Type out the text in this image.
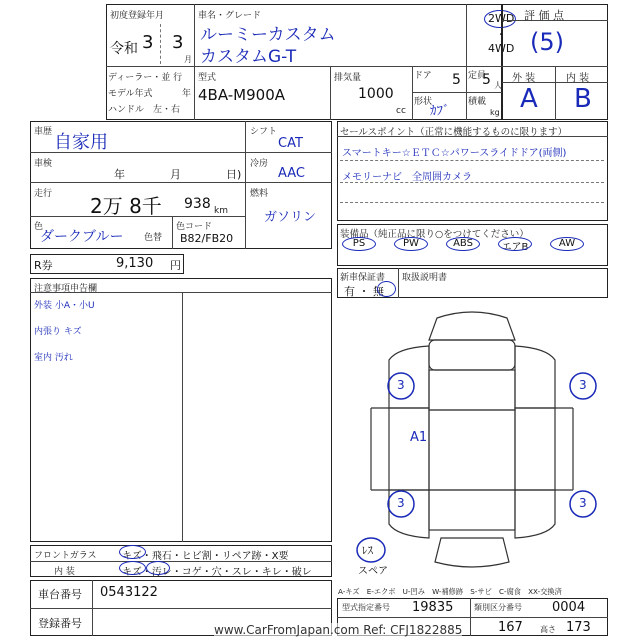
初度登録年月
令和 3 3
月
車名・グレード
ルーミーカスタム
カスタムG-T
2WD
・
4WD
評 価 点
(5)
外 装	内 装
A B
ディーラー・並 行
モデル年式	年
ハンドル　左・右
型式
4BA-M900A
排気量
1000
cc
ドア 5 定員
5 人
形状
ｶﾌﾞ
積載
kg
車歴 自家用
車検
年	月	日)
走行 2万 8千 938 km
色
ダークブルー 色替
色コード
B82/FB20
シフト
CAT
冷房
AAC
燃料
ガソリン
R券	9,130 円
セールスポイント（正常に機能するものに限ります）
スマートキー☆ＥＴＣ☆パワースライドドア(両側)
メモリーナビ　全周囲カメラ
装備品（純正品に限り○をつけてください）
PS	PW	ABS	エアB	AW
新車保証書
有 ・ 無
取扱説明書
注意事項申告欄
外装 小A・小U
内張り キズ
室内 汚れ
3	3
A1
3	3
ﾚｽ
スペア
フロントガラス	キズ・飛石・ヒビ割・リペア跡・X要
内 装	キズ・汚レ・コゲ・穴・スレ・キレ・破レ
車台番号 0543122
登録番号
A-キズ　E-エクボ　U-凹み　W-補修跡　S-サビ　C-腐食　XX-交換済
型式指定番号 19835	類別区分番号 0004
167 高さ 173
www.CarFromJapan.com Ref: CFJ1822885
